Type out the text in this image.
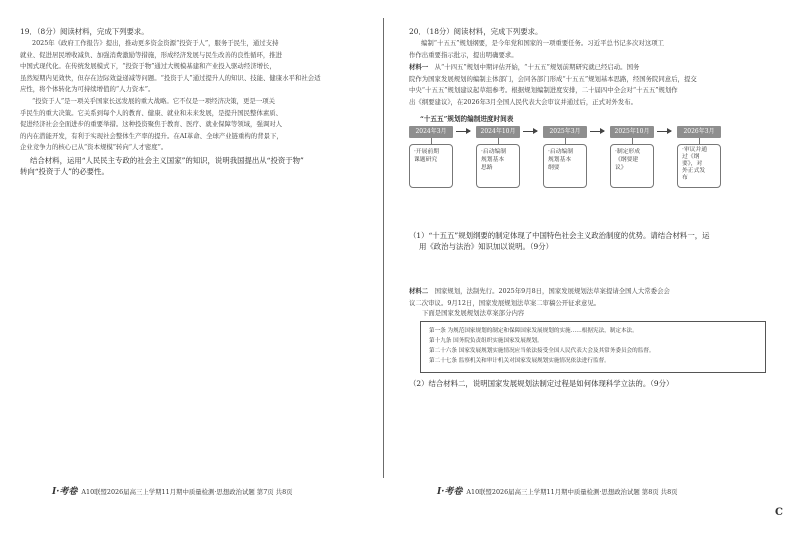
19．（8分）阅读材料，完成下列要求。
2025年《政府工作报告》提出，推动更多资金资源“投资于人”，服务于民生，通过支持
就业、促进居民增收减负、加强消费激励等措施，形成经济发展与民生改善的良性循环，推进
中国式现代化。在传统发展模式下，“投资于物”通过大规模基建和产业投入驱动经济增长，
虽然短期内见效快，但存在边际效益递减等问题。“投资于人”通过提升人的知识、技能、健康水平和社会适
应性，将个体转化为可持续增值的“人力资本”。
“投资于人”是一项关乎国家长远发展的重大战略。它不仅是一项经济决策，更是一项关
乎民生的重大决策。它关系到每个人的教育、健康、就业和未来发展，是提升国民整体素质、
促进经济社会全面进步的重要举措。这种投资聚焦于教育、医疗、就业保障等领域，强调对人
的内在潜能开发，有利于实现社会整体生产率的提升。在AI革命、全球产业链重构的背景下，
企业竞争力的核心已从“资本规模”转向“人才密度”。
结合材料，运用“人民民主专政的社会主义国家”的知识，说明我国提出从“投资于物”
转向“投资于人”的必要性。
I·考卷 A10联盟2026届高三上学期11月期中质量检测·思想政治试题 第7页 共8页
20．（18分）阅读材料，完成下列要求。
编制“十五五”规划纲要，是今年党和国家的一项重要任务。习近平总书记多次对这项工
作作出重要指示批示，提出明确要求。
材料一　 从“十四五”规划中期评估开始，“十五五”规划前期研究就已经启动。国务
院作为国家发展规划的编制主体部门，会同各部门形成“十五五”规划基本思路，经国务院同意后，提交
中央“十五五”规划建议起草组参考。根据规划编制进度安排，二十届四中全会对“十五五”规划作
出《纲要建议》，在2026年3月全国人民代表大会审议并通过后，正式对外发布。
“十五五”规划的编制进度时间表
2024年3月	2024年10月	2025年3月	2025年10月	2026年3月
·开展前期
课题研究
·启动编制
规划基本
思路
·启动编制
规划基本
纲要
·制定形成
《纲要建
议》
·审议并通
过《纲
要》，对
外正式发
布
（1）“十五五”规划纲要的制定体现了中国特色社会主义政治制度的优势。请结合材料一，运
用《政治与法治》知识加以说明。（9分）
材料二　 国家规划，法制先行。2025年9月8日，国家发展规划法草案提请全国人大常委会会
议二次审议。9月12日，国家发展规划法草案二审稿公开征求意见。
下面是国家发展规划法草案部分内容
第一条 为规范国家规划的制定和保障国家发展规划的实施……根据宪法，制定本法。
第十九条 国务院负责组织实施国家发展规划。
第二十六条 国家发展规划实施情况应当依法接受全国人民代表大会及其常务委员会的监督。
第二十七条 监察机关和审计机关对国家发展规划实施情况依法进行监督。
（2）结合材料二，说明国家发展规划法制定过程是如何体现科学立法的。（9分）
I·考卷 A10联盟2026届高三上学期11月期中质量检测·思想政治试题 第8页 共8页
C
